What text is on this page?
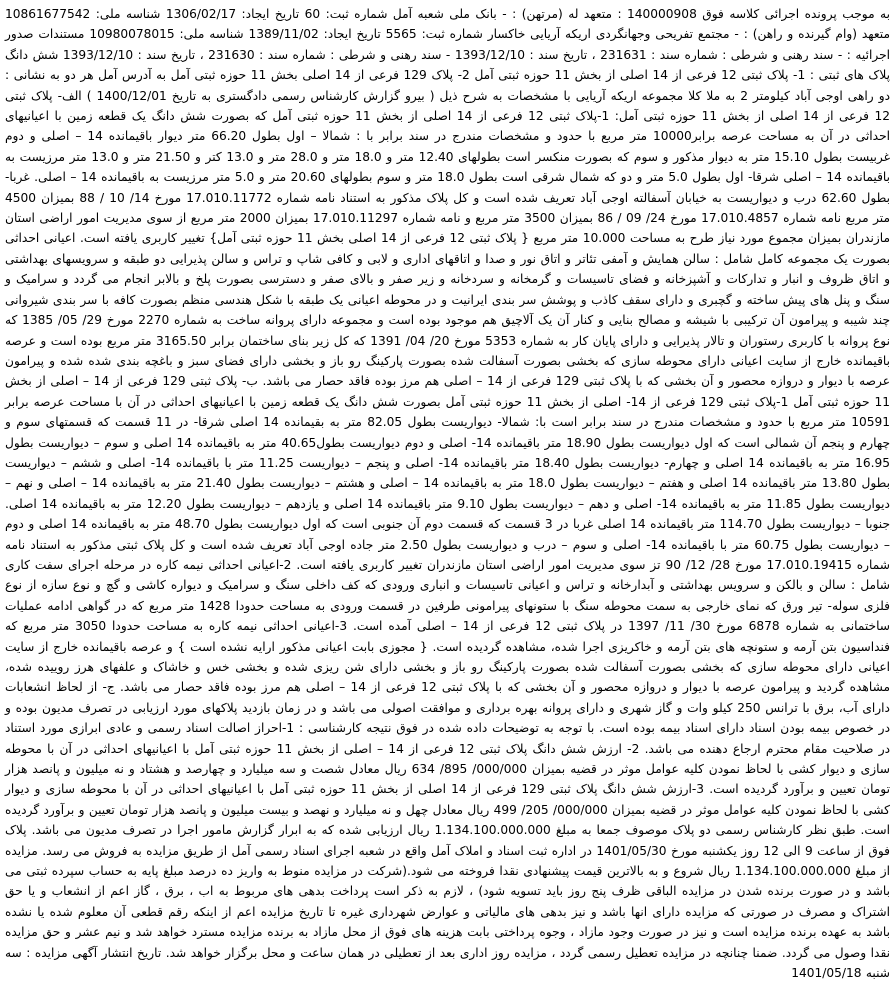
به موجب پرونده اجرائی کلاسه فوق 140000908 : متعهد له (مرتهن) : - بانک ملی شعبه آمل شماره ثبت: 60 تاریخ ایجاد: 1306/02/17 شناسه ملی: 10861677542 متعهد (وام گیرنده و راهن) : - مجتمع تفریحی وجهانگردی اریکه آریایی خاکسار شماره ثبت: 5565 تاریخ ایجاد: 1389/11/02 شناسه ملی: 10980078015 مستندات صدور اجرائیه : - سند رهنی و شرطی : شماره سند : 231631 ، تاریخ سند : 1393/12/10 - سند رهنی و شرطی : شماره سند : 231630 ، تاریخ سند : 1393/12/10 شش دانگ پلاک های ثبتی : 1- پلاک ثبتی 12 فرعی از 14 اصلی از بخش 11 حوزه ثبتی آمل 2- پلاک 129 فرعی از 14 اصلی بخش 11 حوزه ثبتی آمل به آدرس آمل هر دو به نشانی : دو راهی اوجی آباد کیلومتر 2 به ملا کلا مجموعه اریکه آریایی با مشخصات به شرح ذیل ( بیرو گزارش کارشناس رسمی دادگستری به تاریخ 1400/12/01 ) الف- پلاک ثبتی 12 فرعی از 14 اصلی از بخش 11 حوزه ثبتی آمل: 1-پلاک ثبتی 12 فرعی از 14 اصلی از بخش 11 حوزه ثبتی آمل که بصورت شش دانگ یک قطعه زمین با اعیانیهای احداثی در آن به مساحت عرصه برابر10000 متر مربع با حدود و مشخصات مندرج در سند برابر با : شمالا – اول بطول 66.20 متر دیوار باقیمانده 14 – اصلی و دوم غربیست بطول 15.10 متر به دیوار مذکور و سوم که بصورت منکسر است بطولهای 12.40 متر و 18.0 متر و 28.0 متر و 13.0 کتر و 21.50 متر و 13.0 متر مرزیست به باقیمانده 14 – اصلی شرقا- اول بطول 5.0 متر و دو که شمال شرقی است بطول 18.0 متر و سوم بطولهای 20.60 متر و 5.0 متر مرزیست به باقیمانده 14 – اصلی. غربا- بطول 62.60 درب و دیواریست به خیابان آسفالته اوجی آباد تعریف شده است و کل پلاک مذکور به استناد نامه شماره 17.010.11772 مورخ 14/ 10 / 88 بمیزان 4500 متر مربع نامه شماره 17.010.4857 مورخ 24/ 09 / 86 بمیزان 3500 متر مربع و نامه شماره 17.010.11297 بمیزان 2000 متر مربع از سوی مدیریت امور اراضی استان مازندران بمیزان مجموع مورد نیاز طرح به مساحت 10.000 متر مربع { پلاک ثبتی 12 فرعی از 14 اصلی بخش 11 حوزه ثبتی آمل} تغییر کاربری یافته است. اعیانی احداثی بصورت یک مجموعه کامل شامل : سالن همایش و آمفی تئاتر و اتاق نور و صدا و اتاقهای اداری و لابی و کافی شاپ و تراس و سالن پذیرایی دو طبقه و سرویسهای بهداشتی و اتاق ظروف و انبار و تدارکات و آشپزخانه و فضای تاسیسات و گرمخانه و سردخانه و زیر صفر و بالای صفر و دسترسی بصورت پلخ و بالابر انجام می گردد و سرامیک و سنگ و پنل های پیش ساخته و گچبری و دارای سقف کاذب و پوشش سر بندی ایرانیت و در محوطه اعیانی یک طبقه با شکل هندسی منظم بصورت کافه با سر بندی شیروانی چند شیبه و پیرامون آن ترکیبی با شیشه و مصالح بنایی و کنار آن یک آلاچیق هم موجود بوده است و مجموعه دارای پروانه ساخت به شماره 2270 مورخ 29/ 05/ 1385 که نوع پروانه با کاربری رستوران و تالار پذیرایی و دارای پایان کار به شماره 5353 مورخ 20/ 04/ 1391 که کل زیر بنای ساختمان برابر 3165.50 متر مربع بوده است و عرصه باقیمانده خارج از سایت اعیانی دارای محوطه سازی که بخشی بصورت آسفالت شده بصورت پارکینگ رو باز و بخشی دارای فضای سبز و باغچه بندی شده شده و پیرامون عرصه با دیوار و دروازه محصور و آن بخشی که با پلاک ثبتی 129 فرعی از 14 – اصلی هم مرز بوده فاقد حصار می باشد. ب- پلاک ثبتی 129 فرعی از 14 – اصلی از بخش 11 حوزه ثبتی آمل 1-پلاک ثبتی 129 فرعی از 14- اصلی از بخش 11 حوزه ثبتی آمل بصورت شش دانگ یک قطعه زمین با اعیانیهای احداثی در آن با مساحت عرصه برابر 10591 متر مربع با حدود و مشخصات مندرج در سند برابر است با: شمالا- دیواریست بطول 82.05 متر به بقیمانده 14 اصلی شرقا- در 11 قسمت که قسمتهای سوم و چهارم و پنجم آن شمالی است که اول دیواریست بطول 18.90 متر باقیمانده 14- اصلی و دوم دیواریست بطول40.65 متر به باقیمانده 14 اصلی و سوم – دیواریست بطول 16.95 متر به باقیمانده 14 اصلی و چهارم- دیواریست بطول 18.40 متر باقیمانده 14- اصلی و پنجم – دیواریست 11.25 متر با باقیمانده 14- اصلی و ششم – دیواریست بطول 13.80 متر باقیمانده 14 اصلی و هفتم – دیواریست بطول 18.0 متر به باقیمانده 14 – اصلی و هشتم – دیواریست بطول 21.40 متر به باقیمانده 14 – اصلی و نهم – دیواریست بطول 11.85 متر به باقیمانده 14- اصلی و دهم – دیواریست بطول 9.10 متر باقیمانده 14 اصلی و یازدهم – دیواریست بطول 12.20 متر به باقیمانده 14 اصلی. جنوبا – دیواریست بطول 114.70 متر باقیمانده 14 اصلی غربا در 3 قسمت که قسمت دوم آن جنوبی است که اول دیواریست بطول 48.70 متر به باقیمانده 14 اصلی و دوم – دیواریست بطول 60.75 متر با باقیمانده 14- اصلی و سوم – درب و دیواریست بطول 2.50 متر جاده اوجی آباد تعریف شده است و کل پلاک ثبتی مذکور به استناد نامه شماره 17.010.19415 مورخ 28/ 12/ 90 تز سوی مدیریت امور اراضی استان مازندران تغییر کاربری یافته است. 2-اعیانی احداثی نیمه کاره در مرحله اجرای سفت کاری شامل : سالن و بالکن و سرویس بهداشتی و آبدارخانه و تراس و اعیانی تاسیسات و انباری ورودی که کف داخلی سنگ و سرامیک و دیواره کاشی و گچ و نوع سازه از نوع فلزی سوله- تیر ورق که نمای خارجی به سمت محوطه سنگ با ستونهای پیرامونی طرفین در قسمت ورودی به مساحت حدودا 1428 متر مربع که در گواهی ادامه عملیات ساختمانی به شماره 6878 مورخ 30/ 11/ 1397 در پلاک ثبتی 12 فرعی از 14 – اصلی آمده است. 3-اعیانی احداثی نیمه کاره به مساحت حدودا 3050 متر مربع که فنداسیون بتن آرمه و ستونچه های بتن آرمه و خاکریزی اجرا شده، مشاهده گردیده است. { مجوزی بابت اعیانی مذکور ارایه نشده است } و عرصه باقیمانده خارج از سایت اعیانی دارای محوطه سازی که بخشی بصورت آسفالت شده بصورت پارکینگ رو باز و بخشی دارای شن ریزی شده و بخشی خس و خاشاک و علفهای هرز روییده شده، مشاهده گردید و پیرامون عرصه با دیوار و دروازه محصور و آن بخشی که با پلاک ثبتی 12 فرعی از 14 – اصلی هم مرز بوده فاقد حصار می باشد. ج- از لحاظ انشعابات دارای آب، برق با ترانس 250 کیلو وات و گاز شهری و دارای پروانه بهره برداری و موافقت اصولی می باشد و در زمان بازدید پلاکهای مورد ارزیابی در تصرف مدیون بوده و در خصوص بیمه بودن اسناد دارای اسناد بیمه بوده است. با توجه به توضیحات داده شده در فوق نتیجه کارشناسی : 1-احراز اصالت اسناد رسمی و عادی ابرازی مورد استناد در صلاحیت مقام محترم ارجاع دهنده می باشد. 2- ارزش شش دانگ پلاک ثبتی 12 فرعی از 14 – اصلی از بخش 11 حوزه ثبتی آمل با اعیانیهای احداثی در آن با محوطه سازی و دیوار کشی با لحاظ نمودن کلیه عوامل موثر در قضیه بمیزان 000/000/ 895/ 634 ریال معادل شصت و سه میلیارد و چهارصد و هشتاد و نه میلیون و پانصد هزار تومان تعیین و برآورد گردیده است. 3-ارزش شش دانگ پلاک ثبتی 129 فرعی از 14 اصلی از بخش 11 حوزه ثبتی آمل با اعیانیهای احداثی در آن با محوطه سازی و دیوار کشی با لحاظ نمودن کلیه عوامل موثر در قضیه بمیزان 000/000/ 205/ 499 ریال معادل چهل و نه میلیارد و نهصد و بیست میلیون و پانصد هزار تومان تعیین و برآورد گردیده است. طبق نظر کارشناس رسمی دو پلاک موصوف جمعا به مبلغ 1.134.100.000.000 ریال ارزیابی شده که به ابرار گزارش مامور اجرا در تصرف مدیون می باشد. پلاک فوق از ساعت 9 الی 12 روز یکشنبه مورخ 1401/05/30 در اداره ثبت اسناد و املاک آمل واقع در شعبه اجرای اسناد رسمی آمل از طریق مزایده به فروش می رسد. مزایده از مبلغ 1.134.100.000.000 ریال شروع و به بالاترین قیمت پیشنهادی نقدا فروخته می شود.(شرکت در مزایده منوط به واریز ده درصد مبلغ پایه به حساب سپرده ثبتی می باشد و در صورت برنده شدن در مزایده الباقی ظرف پنج روز باید تسویه شود) ، لازم به ذکر است پرداخت بدهی های مربوط به اب ، برق ، گاز اعم از انشعاب و یا حق اشتراک و مصرف در صورتی که مزایده دارای انها باشد و نیز بدهی های مالیاتی و عوارض شهرداری غیره تا تاریخ مزایده اعم از اینکه رقم قطعی آن معلوم شده یا نشده باشد به عهده برنده مزایده است و نیز در صورت وجود مازاد ، وجوه پرداختی بابت هزینه های فوق از محل مازاد به برنده مزایده مسترد خواهد شد و نیم عشر و حق مزایده نقدا وصول می گردد. ضمنا چنانچه در مزایده تعطیل رسمی گردد ، مزایده روز اداری بعد از تعطیلی در همان ساعت و محل برگزار خواهد شد. تاریخ انتشار آگهی مزایده : سه شنبه 1401/05/18
